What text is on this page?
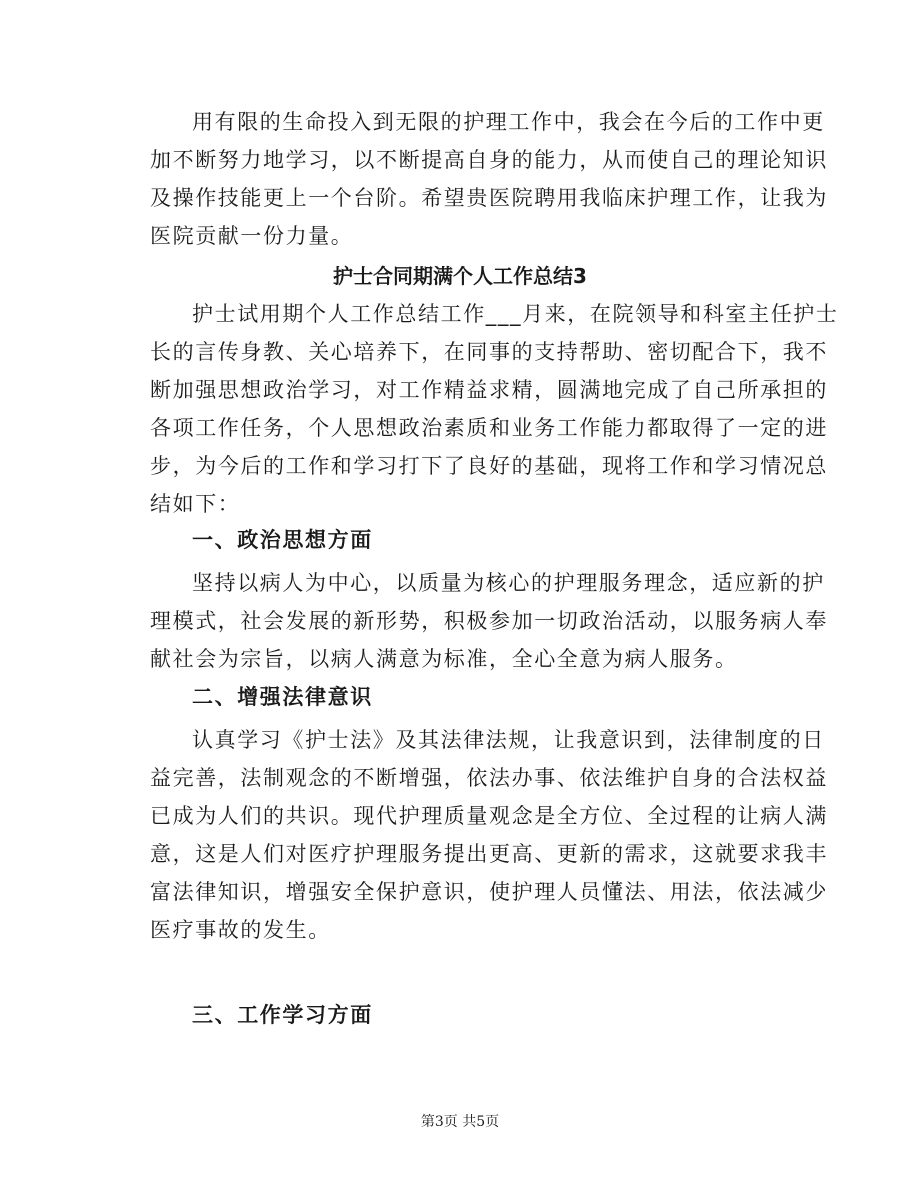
用有限的生命投入到无限的护理工作中，我会在今后的工作中更
加不断努力地学习，以不断提高自身的能力，从而使自己的理论知识
及操作技能更上一个台阶。希望贵医院聘用我临床护理工作，让我为
医院贡献一份力量。
护士合同期满个人工作总结3
护士试用期个人工作总结工作___月来，在院领导和科室主任护士
长的言传身教、关心培养下，在同事的支持帮助、密切配合下，我不
断加强思想政治学习，对工作精益求精，圆满地完成了自己所承担的
各项工作任务，个人思想政治素质和业务工作能力都取得了一定的进
步，为今后的工作和学习打下了良好的基础，现将工作和学习情况总
结如下：
一、政治思想方面
坚持以病人为中心，以质量为核心的护理服务理念，适应新的护
理模式，社会发展的新形势，积极参加一切政治活动，以服务病人奉
献社会为宗旨，以病人满意为标准，全心全意为病人服务。
二、增强法律意识
认真学习《护士法》及其法律法规，让我意识到，法律制度的日
益完善，法制观念的不断增强，依法办事、依法维护自身的合法权益
已成为人们的共识。现代护理质量观念是全方位、全过程的让病人满
意，这是人们对医疗护理服务提出更高、更新的需求，这就要求我丰
富法律知识，增强安全保护意识，使护理人员懂法、用法，依法减少
医疗事故的发生。
三、工作学习方面
第3页 共5页
